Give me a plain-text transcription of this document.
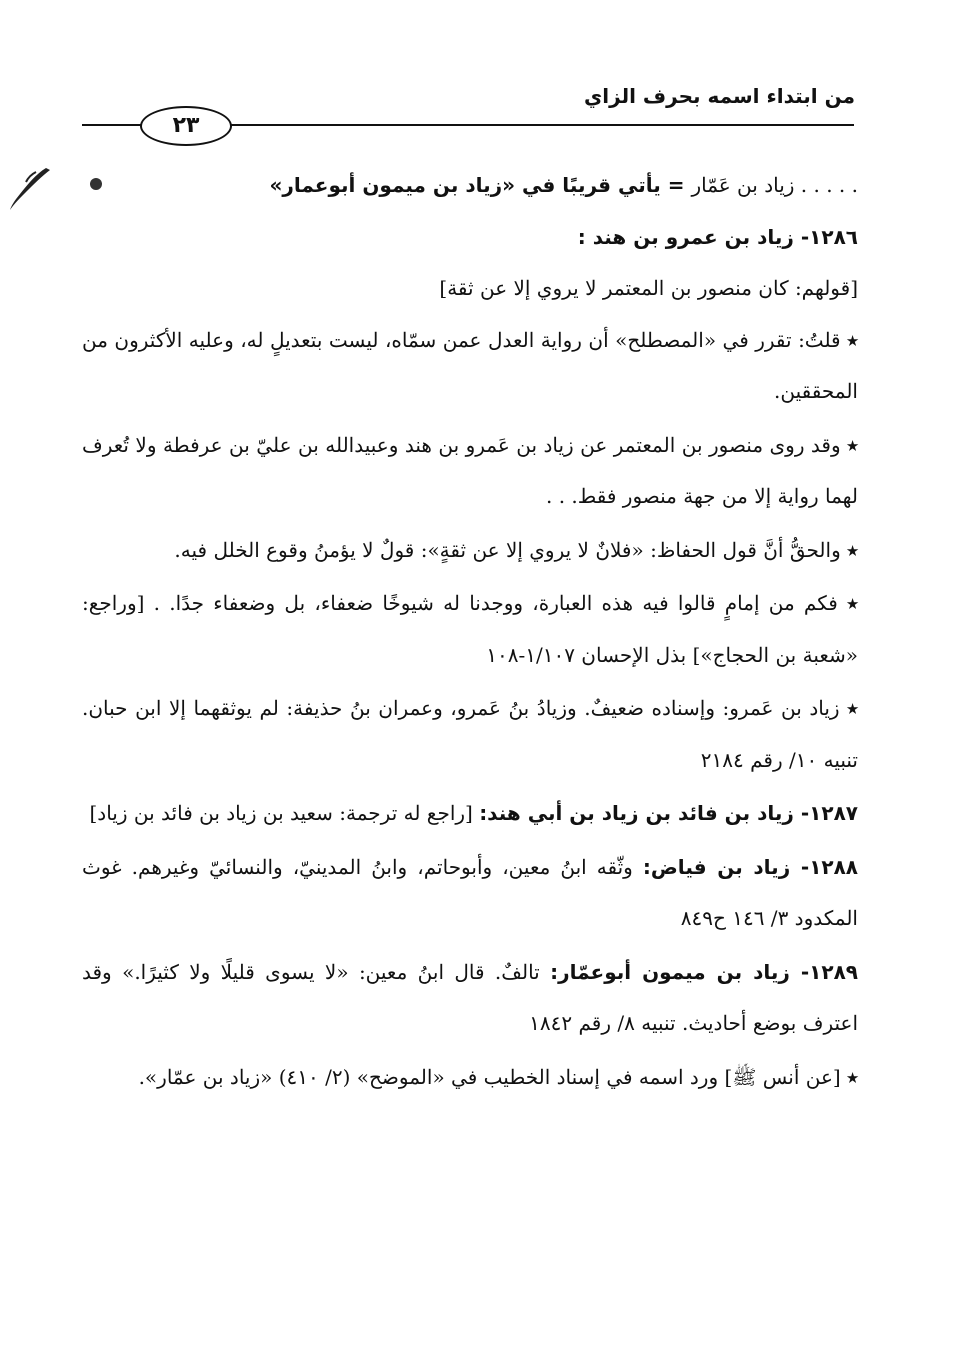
من ابتداء اسمه بحرف الزاي
٢٣

. . . . . زياد بن عَمّار = يأتي قريبًا في «زياد بن ميمون أبوعمار»

١٢٨٦- زياد بن عمرو بن هند :

[قولهم: كان منصور بن المعتمر لا يروي إلا عن ثقة]

٭ قلتُ: تقرر في «المصطلح» أن رواية العدل عمن سمّاه، ليست بتعديلٍ له، وعليه الأكثرون من المحققين.

٭ وقد روى منصور بن المعتمر عن زياد بن عَمرو بن هند وعبيدالله بن عليّ بن عرفطة ولا تُعرف لهما رواية إلا من جهة منصور فقط. . .

٭ والحقُّ أنَّ قول الحفاظ: «فلانٌ لا يروي إلا عن ثقةٍ»: قولٌ لا يؤمنُ وقوع الخلل فيه.

٭ فكم من إمامٍ قالوا فيه هذه العبارة، ووجدنا له شيوخًا ضعفاء، بل وضعفاء جدًا. . [وراجع: «شعبة بن الحجاج»] بذل الإحسان ١/١٠٧-١٠٨

٭ زياد بن عَمرو: وإسناده ضعيفٌ. وزيادُ بنُ عَمرو، وعمران بنُ حذيفة: لم يوثقهما إلا ابن حبان. تنبيه ١٠/ رقم ٢١٨٤

١٢٨٧- زياد بن فائد بن زياد بن أبي هند: [راجع له ترجمة: سعيد بن زياد بن فائد بن زياد]

١٢٨٨- زياد بن فياض: وثّقه ابنُ معين، وأبوحاتم، وابنُ المدينيّ، والنسائيّ وغيرهم. غوث المكدود ٣/ ١٤٦ ح٨٤٩

١٢٨٩- زياد بن ميمون أبوعمّار: تالفٌ. قال ابنُ معين: «لا يسوى قليلًا ولا كثيرًا.» وقد اعترف بوضع أحاديث. تنبيه ٨/ رقم ١٨٤٢

٭ [عن أنس ﷺ] ورد اسمه في إسناد الخطيب في «الموضح» (٢/ ٤١٠) «زياد بن عمّار».
